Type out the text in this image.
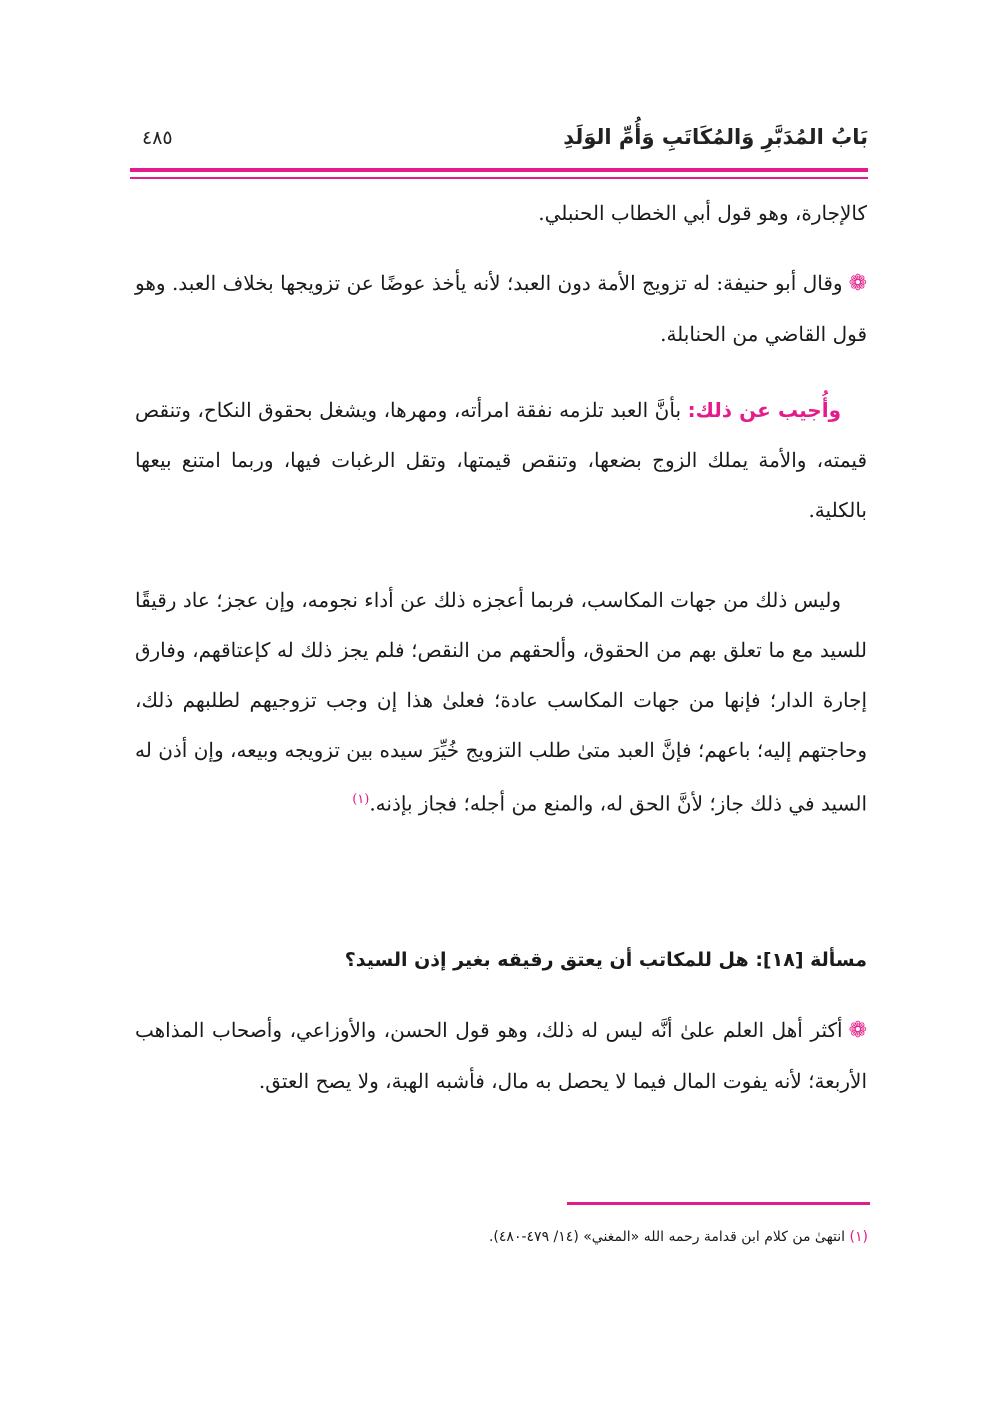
بَابُ المُدَبَّرِ وَالمُكَاتَبِ وَأُمِّ الوَلَدِ
٤٨٥
كالإجارة، وهو قول أبي الخطاب الحنبلي.
❁وقال أبو حنيفة: له تزويج الأمة دون العبد؛ لأنه يأخذ عوضًا عن تزويجها بخلاف العبد. وهو قول القاضي من الحنابلة.
وأُجيب عن ذلك: بأنَّ العبد تلزمه نفقة امرأته، ومهرها، ويشغل بحقوق النكاح، وتنقص قيمته، والأمة يملك الزوج بضعها، وتنقص قيمتها، وتقل الرغبات فيها، وربما امتنع بيعها بالكلية.
وليس ذلك من جهات المكاسب، فربما أعجزه ذلك عن أداء نجومه، وإن عجز؛ عاد رقيقًا للسيد مع ما تعلق بهم من الحقوق، وألحقهم من النقص؛ فلم يجز ذلك له كإعتاقهم، وفارق إجارة الدار؛ فإنها من جهات المكاسب عادة؛ فعلىٰ هذا إن وجب تزوجيهم لطلبهم ذلك، وحاجتهم إليه؛ باعهم؛ فإنَّ العبد متىٰ طلب التزويج خُيِّرَ سيده بين تزويجه وبيعه، وإن أذن له السيد في ذلك جاز؛ لأنَّ الحق له، والمنع من أجله؛ فجاز بإذنه.$^{(١)}$
مسألة [١٨]: هل للمكاتب أن يعتق رقيقه بغير إذن السيد؟
❁أكثر أهل العلم علىٰ أنَّه ليس له ذلك، وهو قول الحسن، والأوزاعي، وأصحاب المذاهب الأربعة؛ لأنه يفوت المال فيما لا يحصل به مال، فأشبه الهبة، ولا يصح العتق.
(١) انتهىٰ من كلام ابن قدامة رحمه الله «المغني» (١٤/ ٤٧٩-٤٨٠).
